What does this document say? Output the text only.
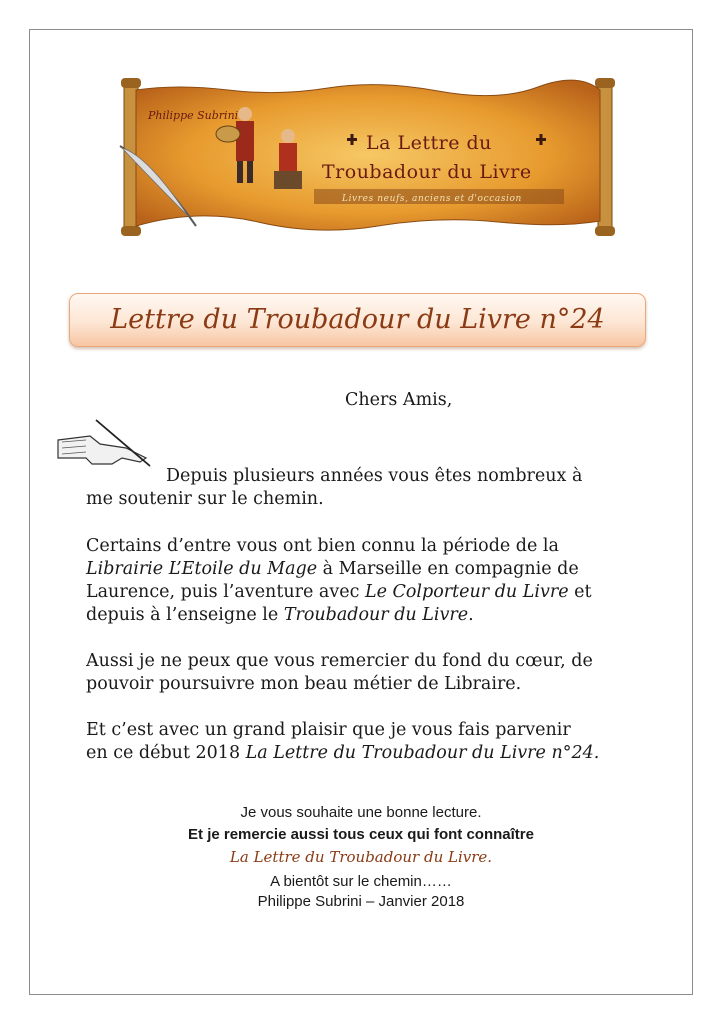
Philippe Subrini
La Lettre du
Troubadour du Livre
Livres neufs, anciens et d'occasion
Lettre du Troubadour du Livre n°24
Chers Amis,
Depuis plusieurs années vous êtes nombreux à
me soutenir sur le chemin.
Certains d’entre vous ont bien connu la période de la
Librairie L’Etoile du Mage à Marseille en compagnie de
Laurence, puis l’aventure avec Le Colporteur du Livre et
depuis à l’enseigne le Troubadour du Livre.
Aussi je ne peux que vous remercier du fond du cœur, de
pouvoir poursuivre mon beau métier de Libraire.
Et c’est avec un grand plaisir que je vous fais parvenir
en ce début 2018 La Lettre du Troubadour du Livre n°24.
Je vous souhaite une bonne lecture.
Et je remercie aussi tous ceux qui font connaître
La Lettre du Troubadour du Livre.
A bientôt sur le chemin……
Philippe Subrini – Janvier 2018
